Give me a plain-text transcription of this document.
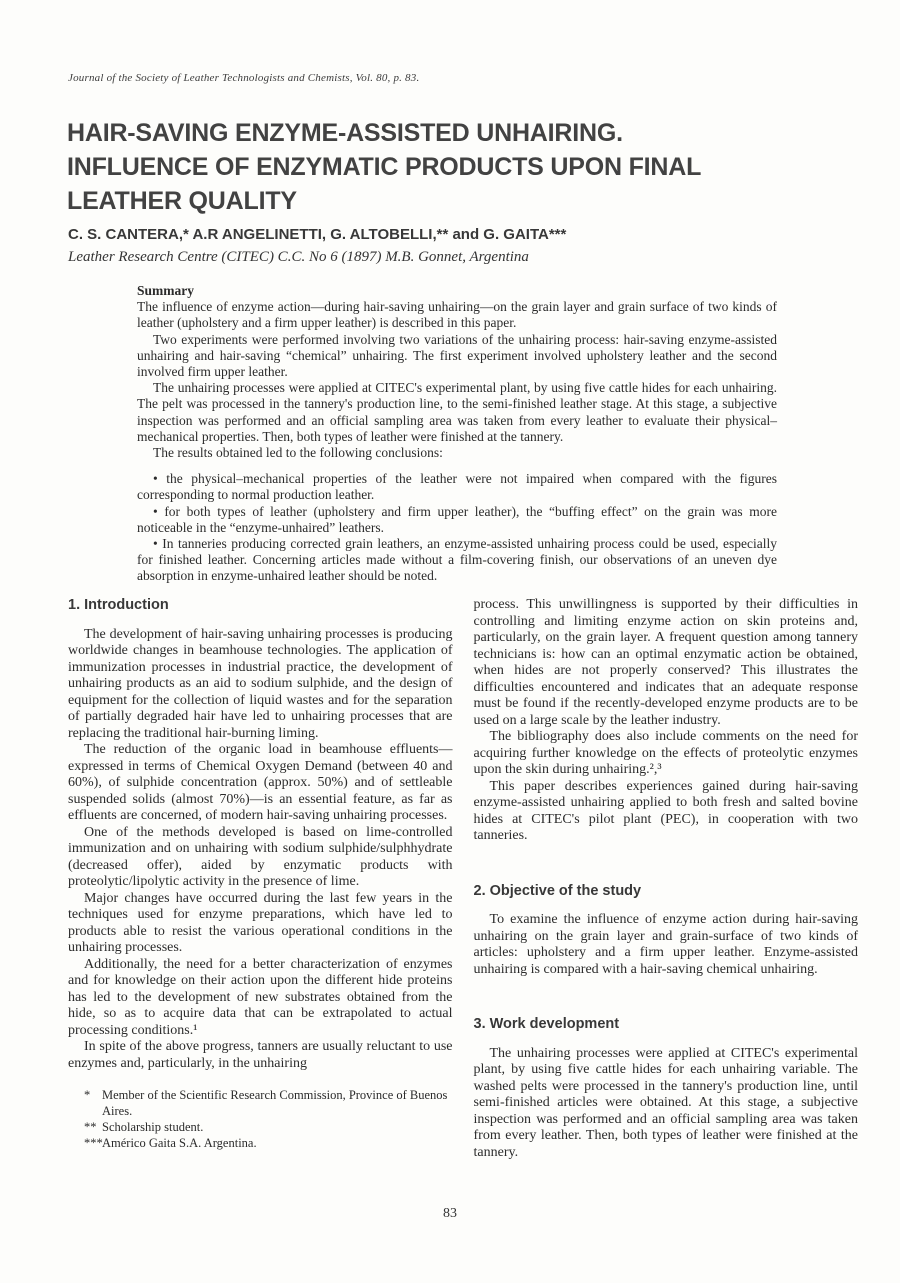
Journal of the Society of Leather Technologists and Chemists, Vol. 80, p. 83.
HAIR-SAVING ENZYME-ASSISTED UNHAIRING.
INFLUENCE OF ENZYMATIC PRODUCTS UPON FINAL
LEATHER QUALITY
C. S. CANTERA,* A.R ANGELINETTI, G. ALTOBELLI,** and G. GAITA***
Leather Research Centre (CITEC) C.C. No 6 (1897) M.B. Gonnet, Argentina
Summary

The influence of enzyme action—during hair-saving unhairing—on the grain layer and grain surface of two kinds of leather (upholstery and a firm upper leather) is described in this paper.

Two experiments were performed involving two variations of the unhairing process: hair-saving enzyme-assisted unhairing and hair-saving “chemical” unhairing. The first experiment involved upholstery leather and the second involved firm upper leather.

The unhairing processes were applied at CITEC's experimental plant, by using five cattle hides for each unhairing. The pelt was processed in the tannery's production line, to the semi-finished leather stage. At this stage, a subjective inspection was performed and an official sampling area was taken from every leather to evaluate their physical–mechanical properties. Then, both types of leather were finished at the tannery.

The results obtained led to the following conclusions:

• the physical–mechanical properties of the leather were not impaired when compared with the figures corresponding to normal production leather.

• for both types of leather (upholstery and firm upper leather), the “buffing effect” on the grain was more noticeable in the “enzyme-unhaired” leathers.

• In tanneries producing corrected grain leathers, an enzyme-assisted unhairing process could be used, especially for finished leather. Concerning articles made without a film-covering finish, our observations of an uneven dye absorption in enzyme-unhaired leather should be noted.

1. Introduction

The development of hair-saving unhairing processes is producing worldwide changes in beamhouse technologies. The application of immunization processes in industrial practice, the development of unhairing products as an aid to sodium sulphide, and the design of equipment for the collection of liquid wastes and for the separation of partially degraded hair have led to unhairing processes that are replacing the traditional hair-burning liming.

The reduction of the organic load in beamhouse effluents—expressed in terms of Chemical Oxygen Demand (between 40 and 60%), of sulphide concentration (approx. 50%) and of settleable suspended solids (almost 70%)—is an essential feature, as far as effluents are concerned, of modern hair-saving unhairing processes.

One of the methods developed is based on lime-controlled immunization and on unhairing with sodium sulphide/sulphhydrate (decreased offer), aided by enzymatic products with proteolytic/lipolytic activity in the presence of lime.

Major changes have occurred during the last few years in the techniques used for enzyme preparations, which have led to products able to resist the various operational conditions in the unhairing processes.

Additionally, the need for a better characterization of enzymes and for knowledge on their action upon the different hide proteins has led to the development of new substrates obtained from the hide, so as to acquire data that can be extrapolated to actual processing conditions.¹

In spite of the above progress, tanners are usually reluctant to use enzymes and, particularly, in the unhairing

* Member of the Scientific Research Commission, Province of Buenos Aires.
** Scholarship student.
*** Américo Gaita S.A. Argentina.

process. This unwillingness is supported by their difficulties in controlling and limiting enzyme action on skin proteins and, particularly, on the grain layer. A frequent question among tannery technicians is: how can an optimal enzymatic action be obtained, when hides are not properly conserved? This illustrates the difficulties encountered and indicates that an adequate response must be found if the recently-developed enzyme products are to be used on a large scale by the leather industry.

The bibliography does also include comments on the need for acquiring further knowledge on the effects of proteolytic enzymes upon the skin during unhairing.²,³

This paper describes experiences gained during hair-saving enzyme-assisted unhairing applied to both fresh and salted bovine hides at CITEC's pilot plant (PEC), in cooperation with two tanneries.

2. Objective of the study

To examine the influence of enzyme action during hair-saving unhairing on the grain layer and grain-surface of two kinds of articles: upholstery and a firm upper leather. Enzyme-assisted unhairing is compared with a hair-saving chemical unhairing.

3. Work development

The unhairing processes were applied at CITEC's experimental plant, by using five cattle hides for each unhairing variable. The washed pelts were processed in the tannery's production line, until semi-finished articles were obtained. At this stage, a subjective inspection was performed and an official sampling area was taken from every leather. Then, both types of leather were finished at the tannery.

83
